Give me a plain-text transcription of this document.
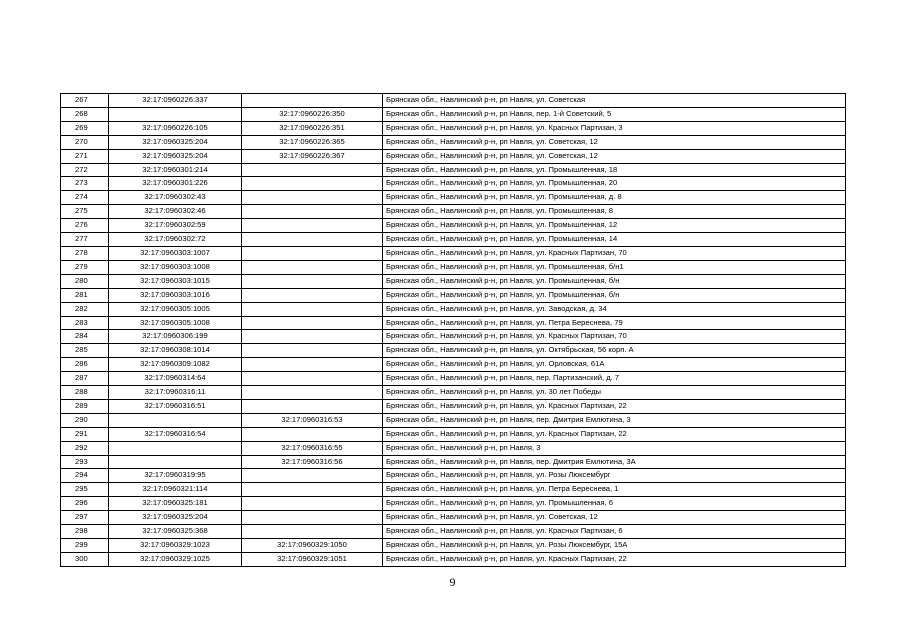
267	32:17:0960226:337		Брянская обл., Навлинский р-н, рп Навля, ул. Советская
268		32:17:0960226:350	Брянская обл., Навлинский р-н, рп Навля, пер. 1-й Советский, 5
269	32:17:0960226:105	32:17:0960226:351	Брянская обл., Навлинский р-н, рп Навля, ул. Красных Партизан, 3
270	32:17:0960325:204	32:17:0960226:365	Брянская обл., Навлинский р-н, рп Навля, ул. Советская, 12
271	32:17:0960325:204	32:17:0960226:367	Брянская обл., Навлинский р-н, рп Навля, ул. Советская, 12
272	32:17:0960301:214		Брянская обл., Навлинский р-н, рп Навля, ул. Промышленная, 18
273	32:17:0960301:226		Брянская обл., Навлинский р-н, рп Навля, ул. Промышленная, 20
274	32:17:0960302:43		Брянская обл., Навлинский р-н, рп Навля, ул. Промышленная, д. 8
275	32:17:0960302:46		Брянская обл., Навлинский р-н, рп Навля, ул. Промышленная, 8
276	32:17:0960302:59		Брянская обл., Навлинский р-н, рп Навля, ул. Промышленная, 12
277	32:17:0960302:72		Брянская обл., Навлинский р-н, рп Навля, ул. Промышленная, 14
278	32:17:0960303:1007		Брянская обл., Навлинский р-н, рп Навля, ул. Красных Партизан, 70
279	32:17:0960303:1008		Брянская обл., Навлинский р-н, рп Навля, ул. Промышленная, б/н1
280	32:17:0960303:1015		Брянская обл., Навлинский р-н, рп Навля, ул. Промышленная, б/н
281	32:17:0960303:1016		Брянская обл., Навлинский р-н, рп Навля, ул. Промышленная, б/н
282	32:17:0960305:1005		Брянская обл., Навлинский р-н, рп Навля, ул. Заводская, д. 34
283	32:17:0960305:1008		Брянская обл., Навлинский р-н, рп Навля, ул. Петра Береснева, 79
284	32:17:0960306:199		Брянская обл., Навлинский р-н, рп Навля, ул. Красных Партизан, 70
285	32:17:0960308:1014		Брянская обл., Навлинский р-н, рп Навля, ул. Октябрьская, 56 корп. А
286	32:17:0960309:1082		Брянская обл., Навлинский р-н, рп Навля, ул. Орловская, 61А
287	32:17:0960314:64		Брянская обл., Навлинский р-н, рп Навля, пер. Партизанский, д. 7
288	32:17:0960316:11		Брянская обл., Навлинский р-н, рп Навля, ул. 30 лет Победы
289	32:17:0960316:51		Брянская обл., Навлинский р-н, рп Навля, ул. Красных Партизан, 22
290		32:17:0960316:53	Брянская обл., Навлинский р-н, рп Навля, пер. Дмитрия Емлютина, 3
291	32:17:0960316:54		Брянская обл., Навлинский р-н, рп Навля, ул. Красных Партизан, 22
292		32:17:0960316:55	Брянская обл., Навлинский р-н, рп Навля, 3
293		32:17:0960316:56	Брянская обл., Навлинский р-н, рп Навля, пер. Дмитрия Емлютина, 3А
294	32:17:0960319:95		Брянская обл., Навлинский р-н, рп Навля, ул. Розы Люксембург
295	32:17:0960321:114		Брянская обл., Навлинский р-н, рп Навля, ул. Петра Береснева, 1
296	32:17:0960325:181		Брянская обл., Навлинский р-н, рп Навля, ул. Промышленная, 6
297	32:17:0960325:204		Брянская обл., Навлинский р-н, рп Навля, ул. Советская, 12
298	32:17:0960325:368		Брянская обл., Навлинский р-н, рп Навля, ул. Красных Партизан, 6
299	32:17:0960329:1023	32:17:0960329:1050	Брянская обл., Навлинский р-н, рп Навля, ул. Розы Люксембург, 15А
300	32:17:0960329:1025	32:17:0960329:1051	Брянская обл., Навлинский р-н, рп Навля, ул. Красных Партизан, 22
9
